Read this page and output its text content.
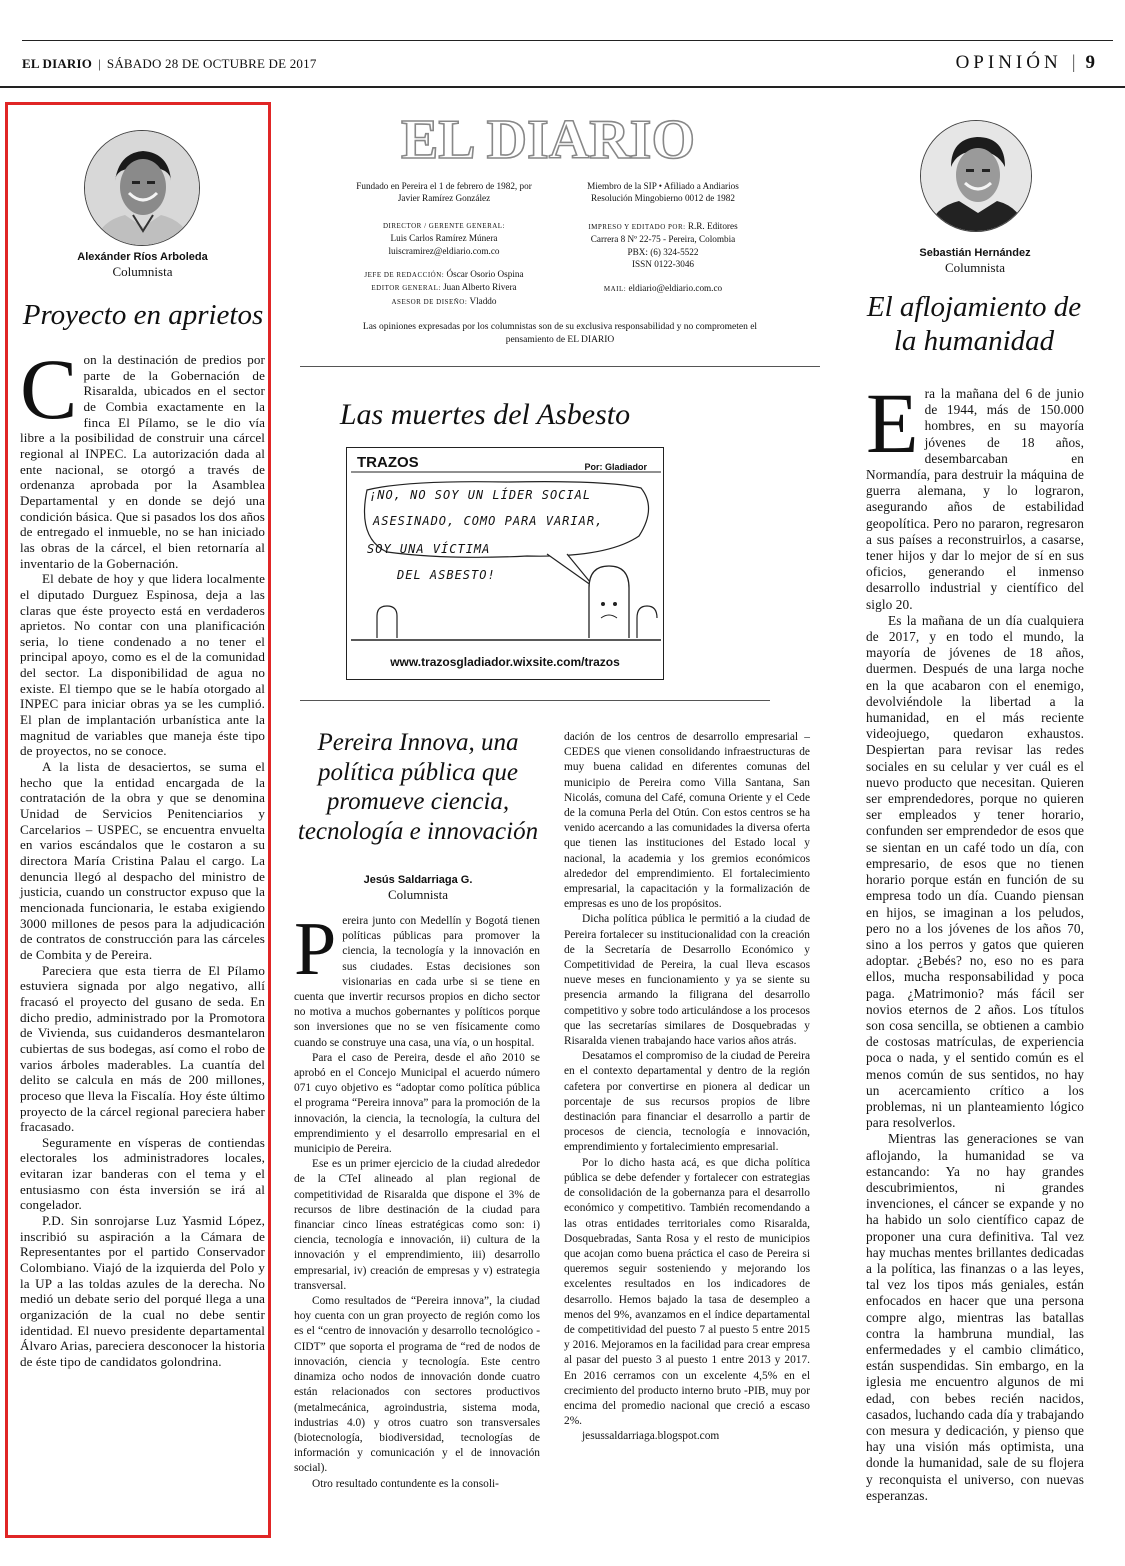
EL DIARIO | SÁBADO 28 DE OCTUBRE DE 2017	OPINIÓN | 9
Alexánder Ríos Arboleda
Columnista
Proyecto en aprietos

Con la destinación de predios por parte de la Gobernación de Risaralda, ubicados en el sector de Combia exactamente en la finca El Pílamo, se le dio vía libre a la posibilidad de construir una cárcel regional al INPEC. La autorización dada al ente nacional, se otorgó a través de ordenanza aprobada por la Asamblea Departamental y en donde se dejó una condición básica. Que si pasados los dos años de entregado el inmueble, no se han iniciado las obras de la cárcel, el bien retornaría al inventario de la Gobernación.

El debate de hoy y que lidera localmente el diputado Durguez Espinosa, deja a las claras que éste proyecto está en verdaderos aprietos. No contar con una planificación seria, lo tiene condenado a no tener el principal apoyo, como es el de la comunidad del sector. La disponibilidad de agua no existe. El tiempo que se le había otorgado al INPEC para iniciar obras ya se les cumplió. El plan de implantación urbanística ante la magnitud de variables que maneja éste tipo de proyectos, no se conoce.

A la lista de desaciertos, se suma el hecho que la entidad encargada de la contratación de la obra y que se denomina Unidad de Servicios Penitenciarios y Carcelarios – USPEC, se encuentra envuelta en varios escándalos que le costaron a su directora María Cristina Palau el cargo. La denuncia llegó al despacho del ministro de justicia, cuando un constructor expuso que la mencionada funcionaria, le estaba exigiendo 3000 millones de pesos para la adjudicación de contratos de construcción para las cárceles de Combita y de Pereira.

Pareciera que esta tierra de El Pílamo estuviera signada por algo negativo, allí fracasó el proyecto del gusano de seda. En dicho predio, administrado por la Promotora de Vivienda, sus cuidanderos desmantelaron cubiertas de sus bodegas, así como el robo de varios árboles maderables. La cuantía del delito se calcula en más de 200 millones, proceso que lleva la Fiscalía. Hoy éste último proyecto de la cárcel regional pareciera haber fracasado.

Seguramente en vísperas de contiendas electorales los administradores locales, evitaran izar banderas con el tema y el entusiasmo con ésta inversión se irá al congelador.

P.D. Sin sonrojarse Luz Yasmid López, inscribió su aspiración a la Cámara de Representantes por el partido Conservador Colombiano. Viajó de la izquierda del Polo y la UP a las toldas azules de la derecha. No medió un debate serio del porqué llega a una organización de la cual no debe sentir identidad. El nuevo presidente departamental Álvaro Arias, pareciera desconocer la historia de éste tipo de candidatos golondrina.

EL DIARIO
Fundado en Pereira el 1 de febrero de 1982, por Javier Ramírez González
Miembro de la SIP • Afiliado a Andiarios Resolución Mingobierno 0012 de 1982
DIRECTOR / GERENTE GENERAL:
Luis Carlos Ramírez Múnera
luiscramirez@eldiario.com.co
IMPRESO Y EDITADO POR: R.R. Editores
Carrera 8 Nº 22-75 - Pereira, Colombia
PBX: (6) 324-5522
ISSN 0122-3046
JEFE DE REDACCIÓN: Óscar Osorio Ospina
EDITOR GENERAL: Juan Alberto Rivera
ASESOR DE DISEÑO: Vladdo
MAIL: eldiario@eldiario.com.co
Las opiniones expresadas por los columnistas son de su exclusiva responsabilidad y no comprometen el pensamiento de EL DIARIO
Las muertes del Asbesto
TRAZOS	Por: Gladiador
¡NO, NO SOY UN LÍDER SOCIAL
ASESINADO, COMO PARA VARIAR,
SOY UNA VÍCTIMA
DEL ASBESTO!
www.trazosgladiador.wixsite.com/trazos
Pereira Innova, una política pública que promueve ciencia, tecnología e innovación
Jesús Saldarriaga G.
Columnista

Pereira junto con Medellín y Bogotá tienen políticas públicas para promover la ciencia, la tecnología y la innovación en sus ciudades. Estas decisiones son visionarias en cada urbe si se tiene en cuenta que invertir recursos propios en dicho sector no motiva a muchos gobernantes y políticos porque son inversiones que no se ven físicamente como cuando se construye una casa, una vía, o un hospital.

Para el caso de Pereira, desde el año 2010 se aprobó en el Concejo Municipal el acuerdo número 071 cuyo objetivo es “adoptar como política pública el programa “Pereira innova” para la promoción de la innovación, la ciencia, la tecnología, la cultura del emprendimiento y el desarrollo empresarial en el municipio de Pereira.

Ese es un primer ejercicio de la ciudad alrededor de la CTeI alineado al plan regional de competitividad de Risaralda que dispone el 3% de recursos de libre destinación de la ciudad para financiar cinco líneas estratégicas como son: i) ciencia, tecnología e innovación, ii) cultura de la innovación y el emprendimiento, iii) desarrollo empresarial, iv) creación de empresas y v) estrategia transversal.

Como resultados de “Pereira innova”, la ciudad hoy cuenta con un gran proyecto de región como los es el “centro de innovación y desarrollo tecnológico -CIDT” que soporta el programa de “red de nodos de innovación, ciencia y tecnología. Este centro dinamiza ocho nodos de innovación donde cuatro están relacionados con sectores productivos (metalmecánica, agroindustria, sistema moda, industrias 4.0) y otros cuatro son transversales (biotecnología, biodiversidad, tecnologías de información y comunicación y el de innovación social).

Otro resultado contundente es la consoli-

dación de los centros de desarrollo empresarial – CEDES que vienen consolidando infraestructuras de muy buena calidad en diferentes comunas del municipio de Pereira como Villa Santana, San Nicolás, comuna del Café, comuna Oriente y el Cede de la comuna Perla del Otún. Con estos centros se ha venido acercando a las comunidades la diversa oferta que tienen las instituciones del Estado local y nacional, la academia y los gremios económicos alrededor del emprendimiento. El fortalecimiento empresarial, la capacitación y la formalización de empresas es uno de los propósitos.

Dicha política pública le permitió a la ciudad de Pereira fortalecer su institucionalidad con la creación de la Secretaría de Desarrollo Económico y Competitividad de Pereira, la cual lleva escasos nueve meses en funcionamiento y ya se siente su presencia armando la filigrana del desarrollo competitivo y sobre todo articulándose a los procesos que las secretarías similares de Dosquebradas y Risaralda vienen trabajando hace varios años atrás.

Desatamos el compromiso de la ciudad de Pereira en el contexto departamental y dentro de la región cafetera por convertirse en pionera al dedicar un porcentaje de sus recursos propios de libre destinación para financiar el desarrollo a partir de procesos de ciencia, tecnología e innovación, emprendimiento y fortalecimiento empresarial.

Por lo dicho hasta acá, es que dicha política pública se debe defender y fortalecer con estrategias de consolidación de la gobernanza para el desarrollo económico y competitivo. También recomendando a las otras entidades territoriales como Risaralda, Dosquebradas, Santa Rosa y el resto de municipios que acojan como buena práctica el caso de Pereira si queremos seguir sosteniendo y mejorando los excelentes resultados en los indicadores de desarrollo. Hemos bajado la tasa de desempleo a menos del 9%, avanzamos en el índice departamental de competitividad del puesto 7 al puesto 5 entre 2015 y 2016. Mejoramos en la facilidad para crear empresa al pasar del puesto 3 al puesto 1 entre 2013 y 2017. En 2016 cerramos con un excelente 4,5% en el crecimiento del producto interno bruto -PIB, muy por encima del promedio nacional que creció a escaso 2%.

jesussaldarriaga.blogspot.com

Sebastián Hernández
Columnista
El aflojamiento de la humanidad

Era la mañana del 6 de junio de 1944, más de 150.000 hombres, en su mayoría jóvenes de 18 años, desembarcaban en Normandía, para destruir la máquina de guerra alemana, y lo lograron, asegurando años de estabilidad geopolítica. Pero no pararon, regresaron a sus países a reconstruirlos, a casarse, tener hijos y dar lo mejor de sí en sus oficios, generando el inmenso desarrollo industrial y científico del siglo 20.

Es la mañana de un día cualquiera de 2017, y en todo el mundo, la mayoría de jóvenes de 18 años, duermen. Después de una larga noche en la que acabaron con el enemigo, devolviéndole la libertad a la humanidad, en el más reciente videojuego, quedaron exhaustos. Despiertan para revisar las redes sociales en su celular y ver cuál es el nuevo producto que necesitan. Quieren ser emprendedores, porque no quieren ser empleados y tener horario, confunden ser emprendedor de esos que se sientan en un café todo un día, con empresario, de esos que no tienen horario porque están en función de su empresa todo un día. Cuando piensan en hijos, se imaginan a los peludos, pero no a los jóvenes de los años 70, sino a los perros y gatos que quieren adoptar. ¿Bebés? no, eso no es para ellos, mucha responsabilidad y poca paga. ¿Matrimonio? más fácil ser novios eternos de 2 años. Los títulos son cosa sencilla, se obtienen a cambio de costosas matrículas, de experiencia poca o nada, y el sentido común es el menos común de sus sentidos, no hay un acercamiento crítico a los problemas, ni un planteamiento lógico para resolverlos.

Mientras las generaciones se van aflojando, la humanidad se va estancando: Ya no hay grandes descubrimientos, ni grandes invenciones, el cáncer se expande y no ha habido un solo científico capaz de proponer una cura definitiva. Tal vez hay muchas mentes brillantes dedicadas a la política, las finanzas o a las leyes, tal vez los tipos más geniales, están enfocados en hacer que una persona compre algo, mientras las batallas contra la hambruna mundial, las enfermedades y el cambio climático, están suspendidas. Sin embargo, en la iglesia me encuentro algunos de mi edad, con bebes recién nacidos, casados, luchando cada día y trabajando con mesura y dedicación, y pienso que hay una visión más optimista, una donde la humanidad, sale de su flojera y reconquista el universo, con nuevas esperanzas.
